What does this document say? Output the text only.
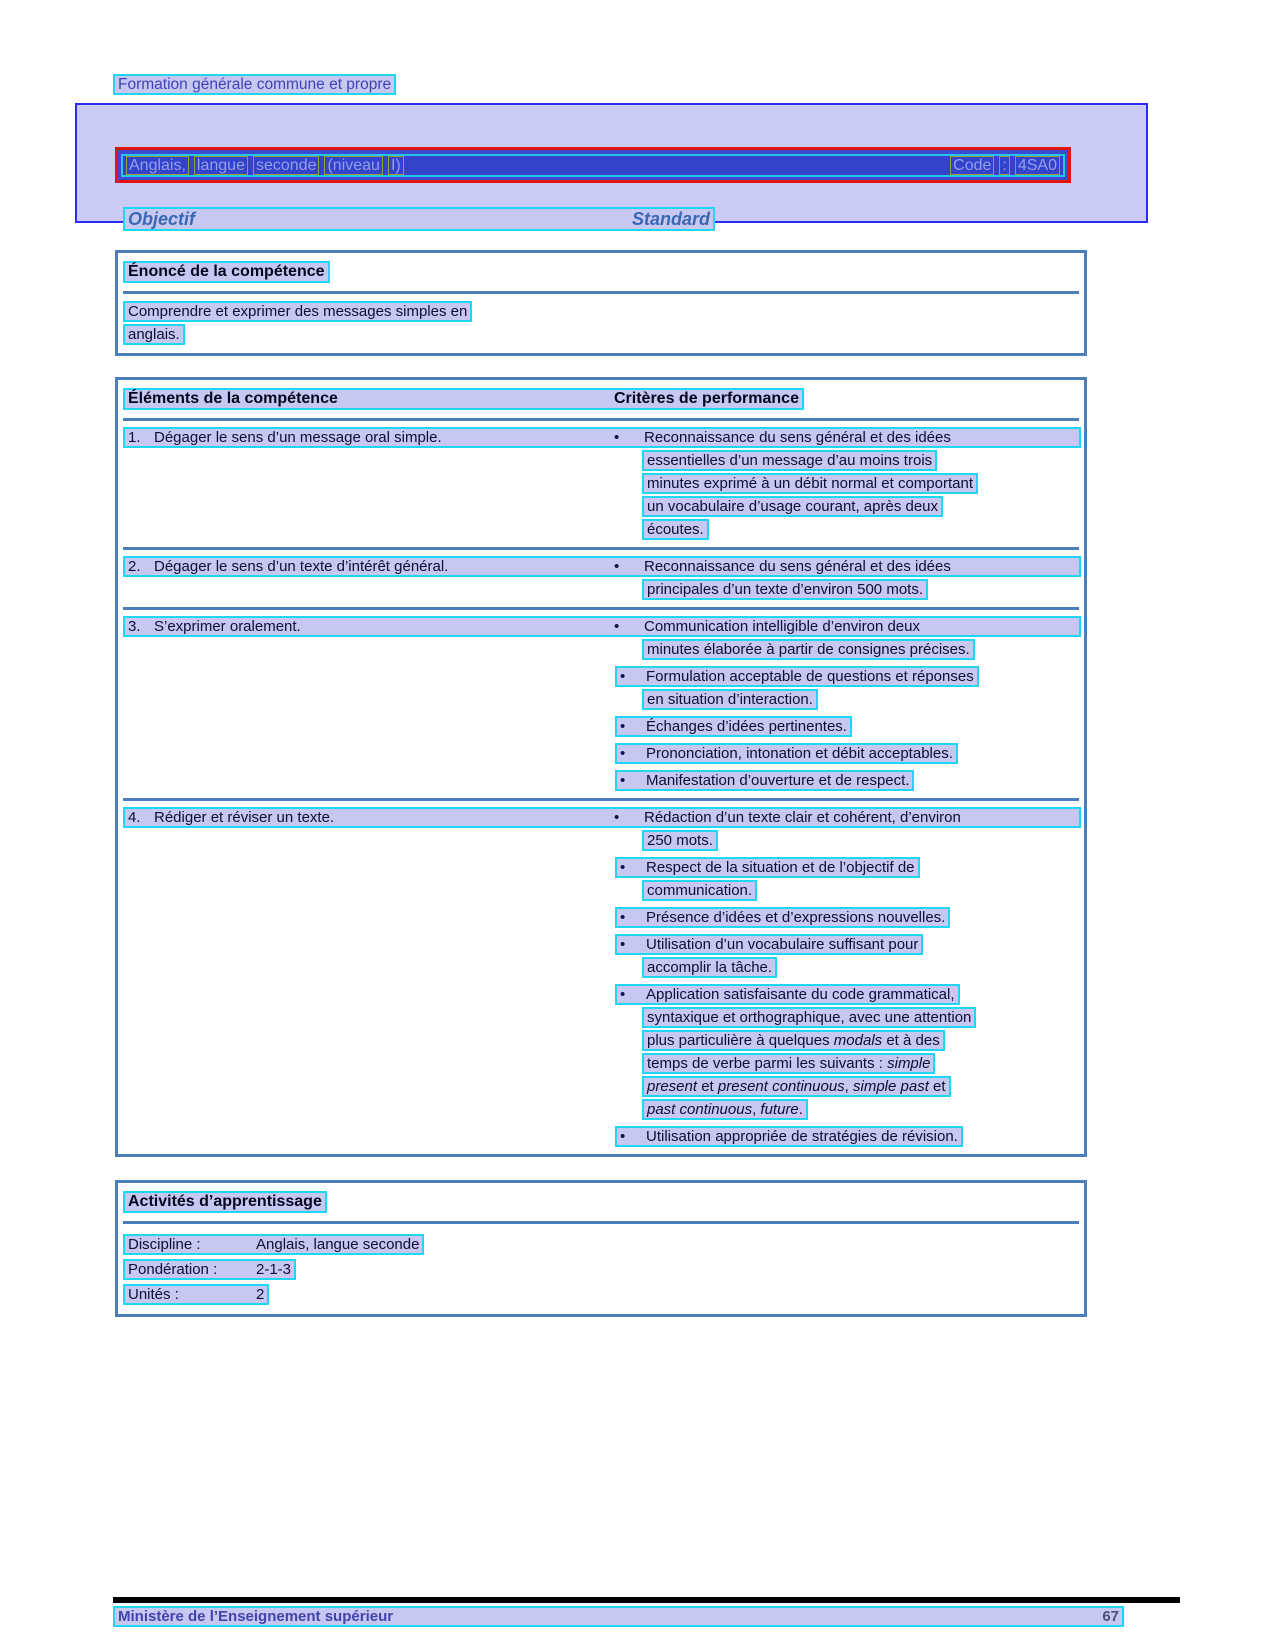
Formation générale commune et propre
Anglais, langue seconde (niveau I)	Code : 4SA0
Objectif	Standard
Énoncé de la compétence
Comprendre et exprimer des messages simples en
anglais.
Éléments de la compétence	Critères de performance
1. Dégager le sens d’un message oral simple.	•	Reconnaissance du sens général et des idées
essentielles d’un message d’au moins trois
minutes exprimé à un débit normal et comportant
un vocabulaire d’usage courant, après deux
écoutes.
2. Dégager le sens d’un texte d’intérêt général.	•	Reconnaissance du sens général et des idées
principales d’un texte d’environ 500 mots.
3. S’exprimer oralement.	•	Communication intelligible d’environ deux
minutes élaborée à partir de consignes précises.
• Formulation acceptable de questions et réponses
en situation d’interaction.
• Échanges d’idées pertinentes.
• Prononciation, intonation et débit acceptables.
• Manifestation d’ouverture et de respect.
4. Rédiger et réviser un texte.	•	Rédaction d’un texte clair et cohérent, d’environ
250 mots.
• Respect de la situation et de l’objectif de
communication.
• Présence d’idées et d’expressions nouvelles.
• Utilisation d’un vocabulaire suffisant pour
accomplir la tâche.
• Application satisfaisante du code grammatical,
syntaxique et orthographique, avec une attention
plus particulière à quelques modals et à des
temps de verbe parmi les suivants : simple
present et present continuous, simple past et
past continuous, future.
• Utilisation appropriée de stratégies de révision.
Activités d’apprentissage
Discipline :	Anglais, langue seconde
Pondération :	2-1-3
Unités :	2
Ministère de l’Enseignement supérieur	67
